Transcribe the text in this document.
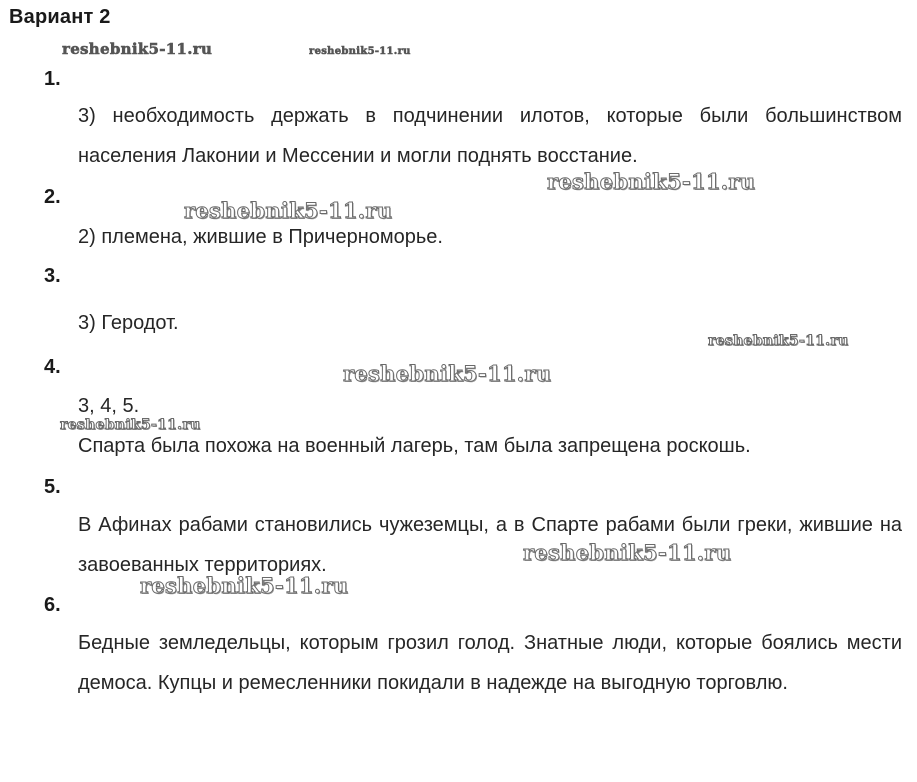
Вариант 2
reshebnik5-11.ru	reshebnik5-11.ru
reshebnik5-11.ru
reshebnik5-11.ru
reshebnik5-11.ru
reshebnik5-11.ru
reshebnik5-11.ru
reshebnik5-11.ru
reshebnik5-11.ru
1.
3) необходимость держать в подчинении илотов, которые были большинством населения Лаконии и Мессении и могли поднять восстание.
2.
2) племена, жившие в Причерноморье.
3.
3) Геродот.
4.
3, 4, 5.
Спарта была похожа на военный лагерь, там была запрещена роскошь.
5.
В Афинах рабами становились чужеземцы, а в Спарте рабами были греки, жившие на завоеванных территориях.
6.
Бедные земледельцы, которым грозил голод. Знатные люди, которые боялись мести демоса. Купцы и ремесленники покидали в надежде на выгодную торговлю.
